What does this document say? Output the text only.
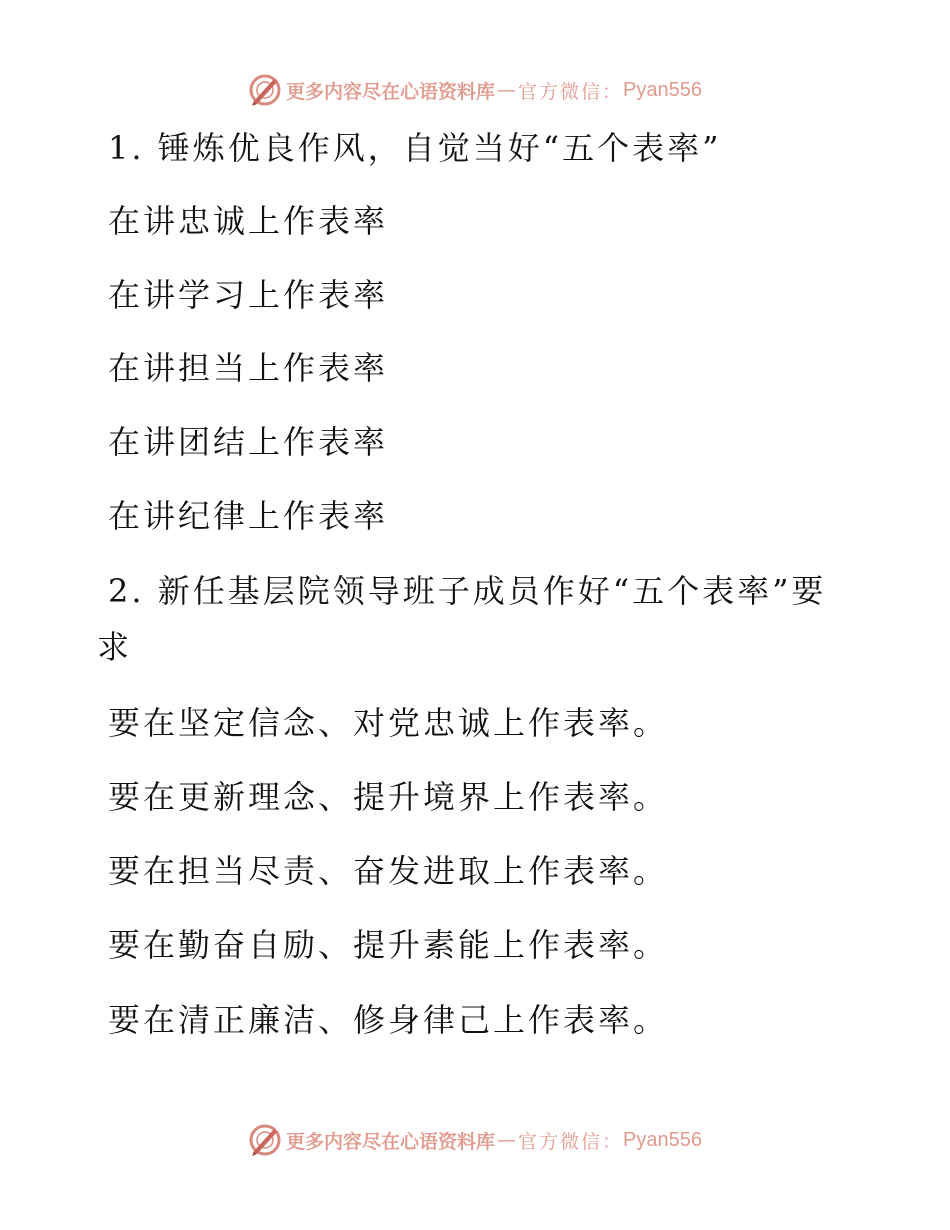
更多内容尽在心语资料库 — 官方微信： Pyan556
1. 锤炼优良作风，自觉当好“五个表率”
在讲忠诚上作表率
在讲学习上作表率
在讲担当上作表率
在讲团结上作表率
在讲纪律上作表率
2. 新任基层院领导班子成员作好“五个表率”要
求
要在坚定信念、对党忠诚上作表率。
要在更新理念、提升境界上作表率。
要在担当尽责、奋发进取上作表率。
要在勤奋自励、提升素能上作表率。
要在清正廉洁、修身律己上作表率。
更多内容尽在心语资料库 — 官方微信： Pyan556
